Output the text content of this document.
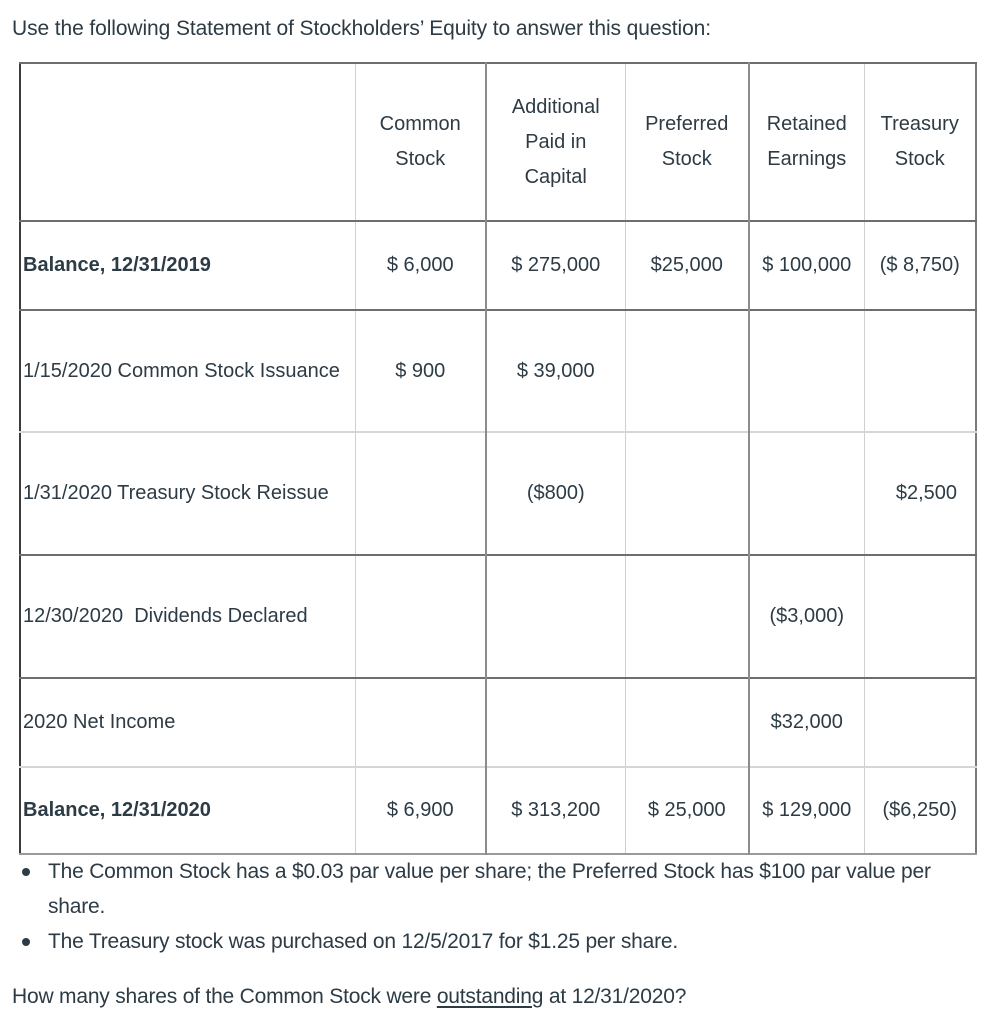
Use the following Statement of Stockholders’ Equity to answer this question:

	Common Stock	Additional Paid in Capital	Preferred Stock	Retained Earnings	Treasury Stock
Balance, 12/31/2019	$ 6,000	$ 275,000	$25,000	$ 100,000	($ 8,750)
1/15/2020 Common Stock Issuance	$ 900	$ 39,000			
1/31/2020 Treasury Stock Reissue		($800)			$2,500
12/30/2020  Dividends Declared				($3,000)	
2020 Net Income				$32,000	
Balance, 12/31/2020	$ 6,900	$ 313,200	$ 25,000	$ 129,000	($6,250)
The Common Stock has a $0.03 par value per share; the Preferred Stock has $100 par value per share.
The Treasury stock was purchased on 12/5/2017 for $1.25 per share.

How many shares of the Common Stock were outstanding at 12/31/2020?
